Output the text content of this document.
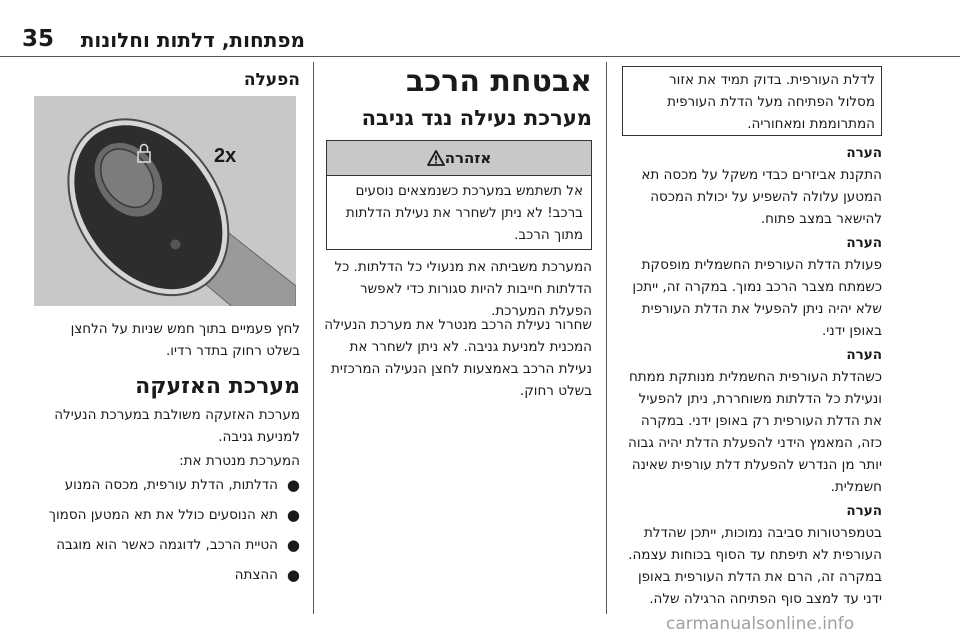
מפתחות, דלתות וחלונות
35
הפעלה
2x
לחץ פעמיים בתוך חמש שניות על הלחצן בשלט רחוק בתדר רדיו.
מערכת האזעקה
מערכת האזעקה משולבת במערכת הנעילה למניעת גניבה.
המערכת מנטרת את:
●
הדלתות, הדלת עורפית, מכסה המנוע
●
תא הנוסעים כולל את תא המטען הסמוך
●
הטיית הרכב, לדוגמה כאשר הוא מוגבה
●
ההצתה
אבטחת הרכב
מערכת נעילה נגד גניבה
אזהרה
אל תשתמש במערכת כשנמצאים נוסעים ברכב! לא ניתן לשחרר את נעילת הדלתות מתוך הרכב.
המערכת משביתה את מנעולי כל הדלתות. כל הדלתות חייבות להיות סגורות כדי לאפשר הפעלת המערכת.
שחרור נעילת הרכב מנטרל את מערכת הנעילה המכנית למניעת גניבה. לא ניתן לשחרר את נעילת הרכב באמצעות לחצן הנעילה המרכזית בשלט רחוק.
לדלת העורפית. בדוק תמיד את אזור מסלול הפתיחה מעל הדלת העורפית המתרוממת ומאחוריה.
הערה
התקנת אביזרים כבדי משקל על מכסה תא המטען עלולה להשפיע על יכולת המכסה להישאר במצב פתוח.
הערה
פעולת הדלת העורפית החשמלית מופסקת כשמתח מצבר הרכב נמוך. במקרה זה, ייתכן שלא יהיה ניתן להפעיל את הדלת העורפית באופן ידני.
הערה
כשהדלת העורפית החשמלית מנותקת ממתח ונעילת כל הדלתות משוחררת, ניתן להפעיל את הדלת העורפית רק באופן ידני. במקרה כזה, המאמץ הידני להפעלת הדלת יהיה גבוה יותר מן הנדרש להפעלת דלת עורפית שאינה חשמלית.
הערה
בטמפרטורות סביבה נמוכות, ייתכן שהדלת העורפית לא תיפתח עד הסוף בכוחות עצמה. במקרה זה, הרם את הדלת העורפית באופן ידני עד למצב סוף הפתיחה הרגילה שלה.
carmanualsonline.info
